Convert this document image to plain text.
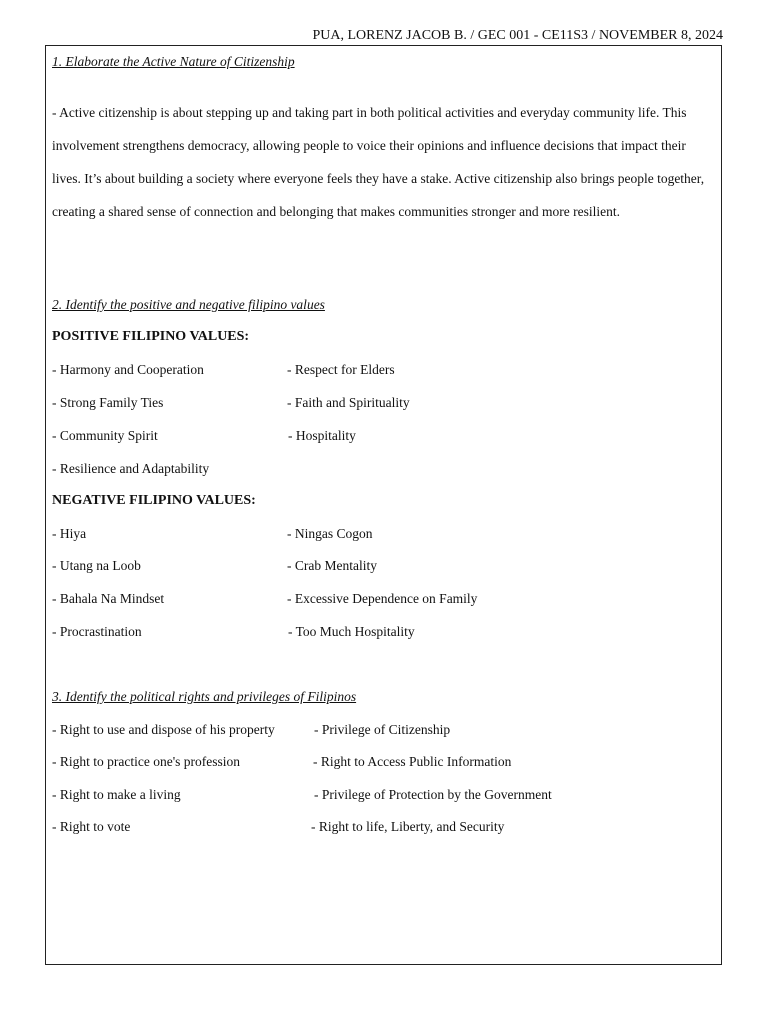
PUA, LORENZ JACOB B. / GEC 001 - CE11S3 / NOVEMBER 8, 2024
1. Elaborate the Active Nature of Citizenship

- Active citizenship is about stepping up and taking part in both political activities and everyday community life. This involvement strengthens democracy, allowing people to voice their opinions and influence decisions that impact their lives. It’s about building a society where everyone feels they have a stake. Active citizenship also brings people together, creating a shared sense of connection and belonging that makes communities stronger and more resilient.

2. Identify the positive and negative filipino values
POSITIVE FILIPINO VALUES:
- Harmony and Cooperation	- Respect for Elders
- Strong Family Ties	- Faith and Spirituality
- Community Spirit	- Hospitality
- Resilience and Adaptability
NEGATIVE FILIPINO VALUES:
- Hiya	- Ningas Cogon
- Utang na Loob	- Crab Mentality
- Bahala Na Mindset	- Excessive Dependence on Family
- Procrastination	- Too Much Hospitality
3. Identify the political rights and privileges of Filipinos
- Right to use and dispose of his property	- Privilege of Citizenship
- Right to practice one's profession	- Right to Access Public Information
- Right to make a living	- Privilege of Protection by the Government
- Right to vote	- Right to life, Liberty, and Security
